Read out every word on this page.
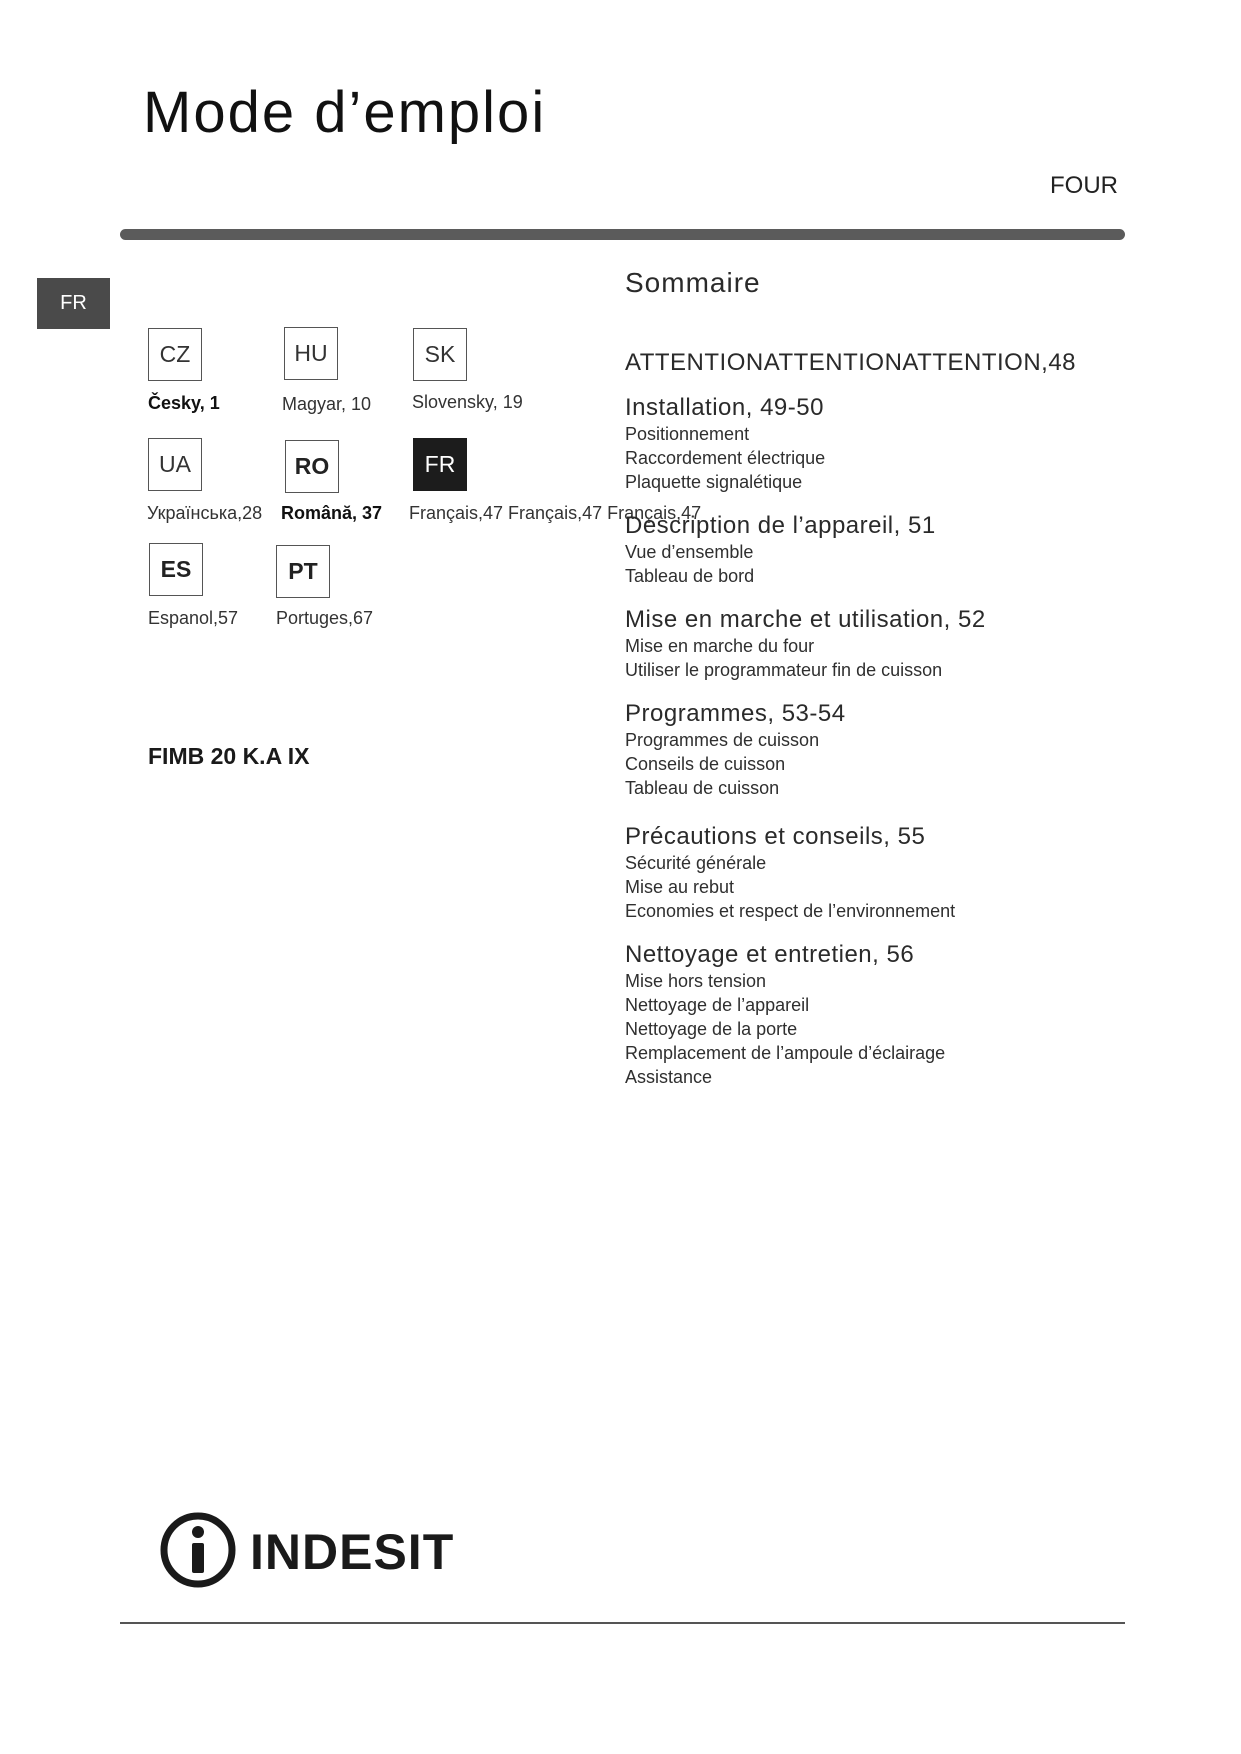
Mode d’emploi
FOUR
FR
CZ
Česky, 1
HU
Magyar, 10
SK
Slovensky, 19
UA
Українська,28
RO
Română, 37
FR
Français,47 Français,47 Français,47
ES
Espanol,57
PT
Portuges,67
FIMB 20 K.A IX
Sommaire
ATTENTIONATTENTIONATTENTION,48
Installation, 49-50
Positionnement
Raccordement électrique
Plaquette signalétique
Description de l’appareil, 51
Vue d’ensemble
Tableau de bord
Mise en marche et utilisation, 52
Mise en marche du four
Utiliser le programmateur fin de cuisson
Programmes, 53-54
Programmes de cuisson
Conseils de cuisson
Tableau de cuisson
Précautions et conseils, 55
Sécurité générale
Mise au rebut
Economies et respect de l’environnement
Nettoyage et entretien, 56
Mise hors tension
Nettoyage de l’appareil
Nettoyage de la porte
Remplacement de l’ampoule d’éclairage
Assistance
INDESIT
